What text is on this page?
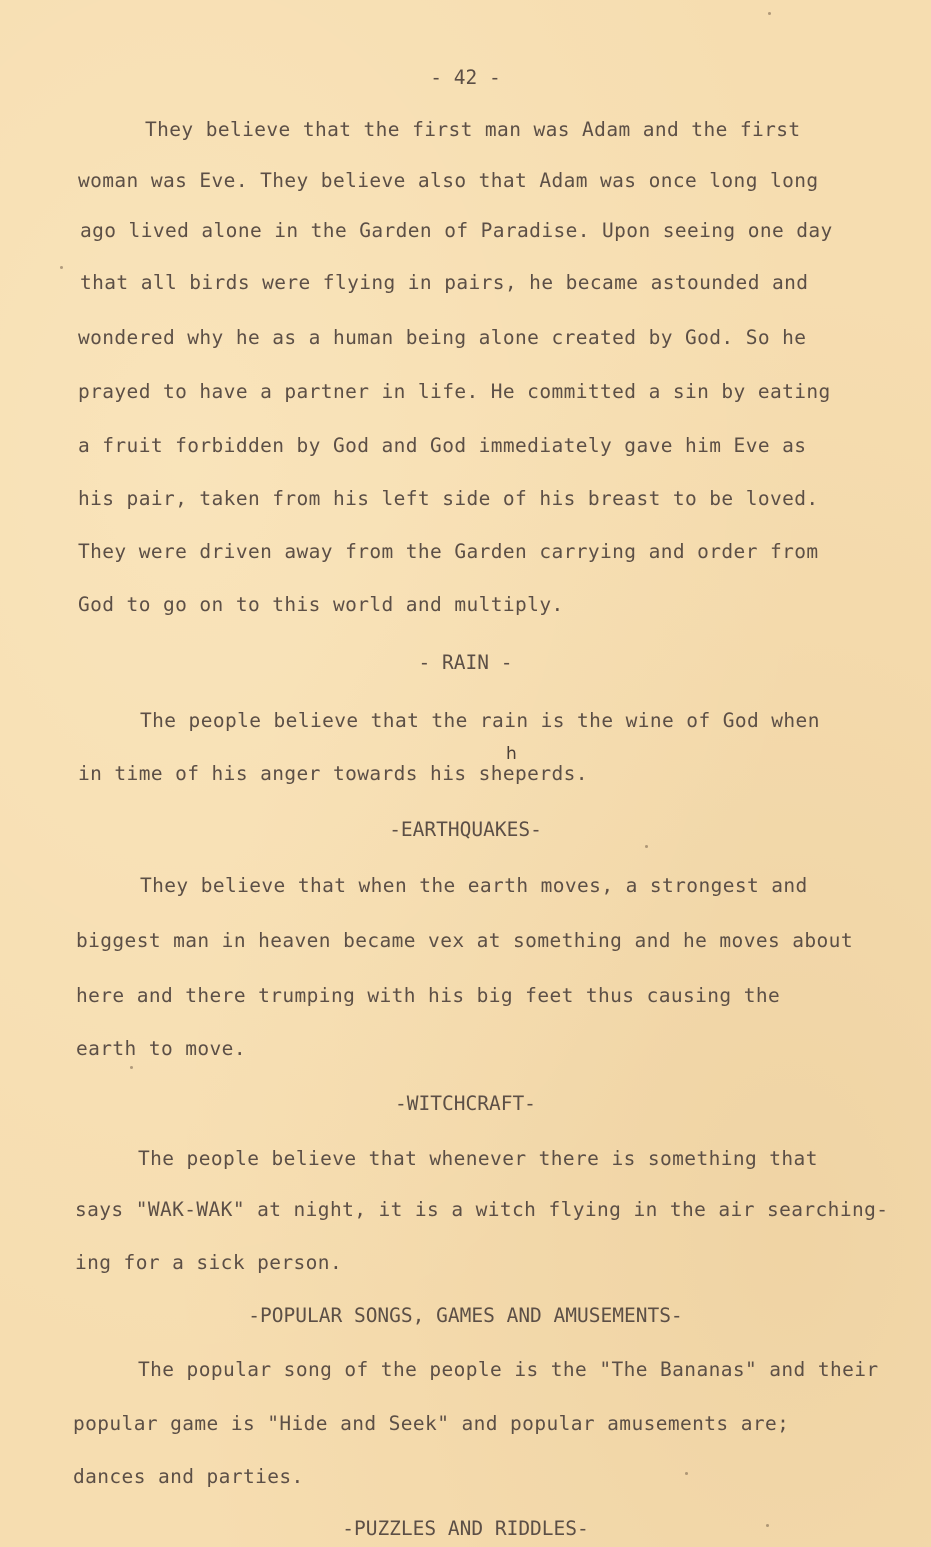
- 42 -
They believe that the first man was Adam and the first
woman was Eve. They believe also that Adam was once long long
ago lived alone in the Garden of Paradise. Upon seeing one day
that all birds were flying in pairs, he became astounded and
wondered why he as a human being alone created by God. So he
prayed to have a partner in life. He committed a sin by eating
a fruit forbidden by God and God immediately gave him Eve as
his pair, taken from his left side of his breast to be loved.
They were driven away from the Garden carrying and order from
God to go on to this world and multiply.
- RAIN -
The people believe that the rain is the wine of God when
h
in time of his anger towards his sheperds.
-EARTHQUAKES-
They believe that when the earth moves, a strongest and
biggest man in heaven became vex at something and he moves about
here and there trumping with his big feet thus causing the
earth to move.
-WITCHCRAFT-
The people believe that whenever there is something that
says "WAK-WAK" at night, it is a witch flying in the air searching-
ing for a sick person.
-POPULAR SONGS, GAMES AND AMUSEMENTS-
The popular song of the people is the "The Bananas" and their
popular game is "Hide and Seek" and popular amusements are;
dances and parties.
-PUZZLES AND RIDDLES-
